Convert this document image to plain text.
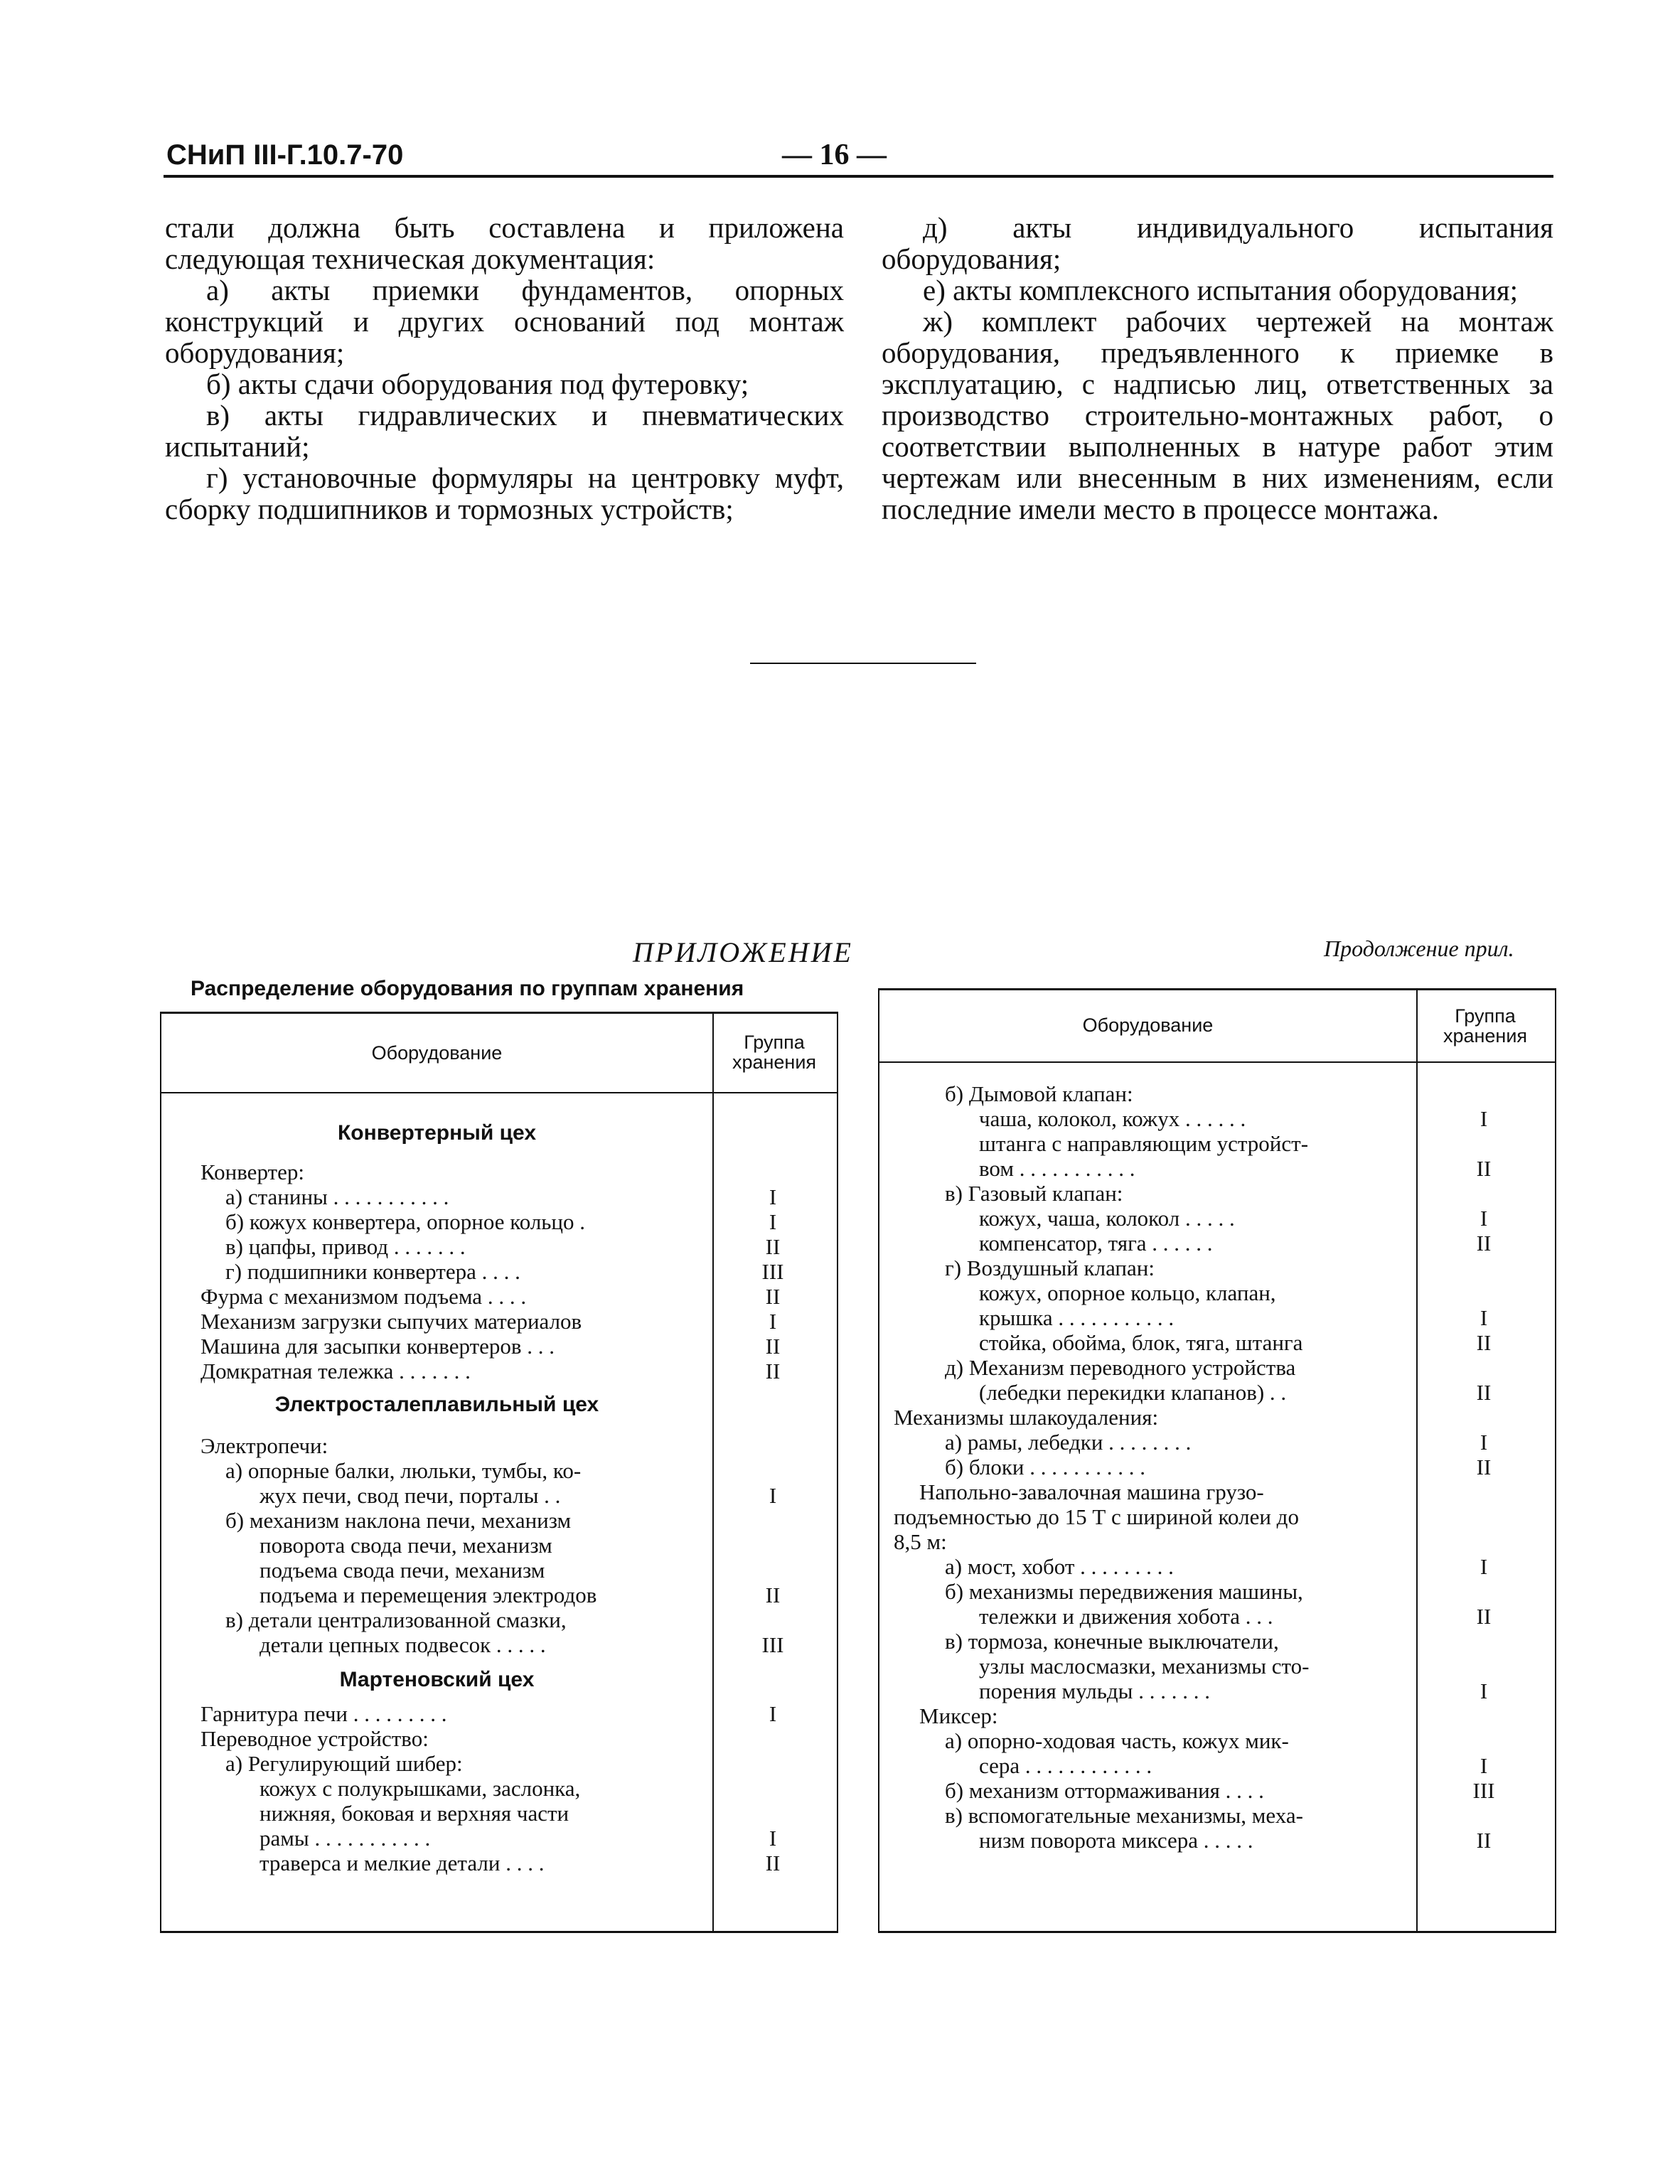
СНиП III-Г.10.7-70	— 16 —

стали должна быть составлена и приложена следующая техническая документация:

а) акты приемки фундаментов, опорных конструкций и других оснований под монтаж оборудования;

б) акты сдачи оборудования под футеровку;

в) акты гидравлических и пневматических испытаний;

г) установочные формуляры на центровку муфт, сборку подшипников и тормозных устройств;

д) акты индивидуального испытания оборудования;

е) акты комплексного испытания оборудования;

ж) комплект рабочих чертежей на монтаж оборудования, предъявленного к приемке в эксплуатацию, с надписью лиц, ответственных за производство строительно-монтажных работ, о соответствии выполненных в натуре работ этим чертежам или внесенным в них изменениям, если последние имели место в процессе монтажа.

ПРИЛОЖЕНИЕ
Распределение оборудования по группам хранения
Продолжение прил.
Оборудование	Группа
хранения
Конвертерный цех
Конвертер:
а) станины . . . . . . . . . . .	I
б) кожух конвертера, опорное кольцо .	I
в) цапфы, привод . . . . . . .	II
г) подшипники конвертера . . . .	III
Фурма с механизмом подъема . . . .	II
Механизм загрузки сыпучих материалов	I
Машина для засыпки конвертеров . . .	II
Домкратная тележка . . . . . . .	II
Электросталеплавильный цех
Электропечи:
а) опорные балки, люльки, тумбы, ко-
жух печи, свод печи, порталы . .	I
б) механизм наклона печи, механизм
поворота свода печи, механизм
подъема свода печи, механизм
подъема и перемещения электродов	II
в) детали централизованной смазки,
детали цепных подвесок . . . . .	III
Мартеновский цех
Гарнитура печи . . . . . . . . .	I
Переводное устройство:
а) Регулирующий шибер:
кожух с полукрышками, заслонка,
нижняя, боковая и верхняя части
рамы . . . . . . . . . . .	I
траверса и мелкие детали . . . .	II
Оборудование	Группа
хранения
б) Дымовой клапан:
чаша, колокол, кожух . . . . . .	I
штанга с направляющим устройст-
вом . . . . . . . . . . .	II
в) Газовый клапан:
кожух, чаша, колокол . . . . .	I
компенсатор, тяга . . . . . .	II
г) Воздушный клапан:
кожух, опорное кольцо, клапан,
крышка . . . . . . . . . . .	I
стойка, обойма, блок, тяга, штанга	II
д) Механизм переводного устройства
(лебедки перекидки клапанов) . .	II
Механизмы шлакоудаления:
а) рамы, лебедки . . . . . . . .	I
б) блоки . . . . . . . . . . .	II
Напольно-завалочная машина грузо-
подъемностью до 15 Т с шириной колеи до
8,5 м:
а) мост, хобот . . . . . . . . .	I
б) механизмы передвижения машины,
тележки и движения хобота . . .	II
в) тормоза, конечные выключатели,
узлы маслосмазки, механизмы сто-
порения мульды . . . . . . .	I
Миксер:
а) опорно-ходовая часть, кожух мик-
сера . . . . . . . . . . . .	I
б) механизм оттормаживания . . . .	III
в) вспомогательные механизмы, меха-
низм поворота миксера . . . . .	II
